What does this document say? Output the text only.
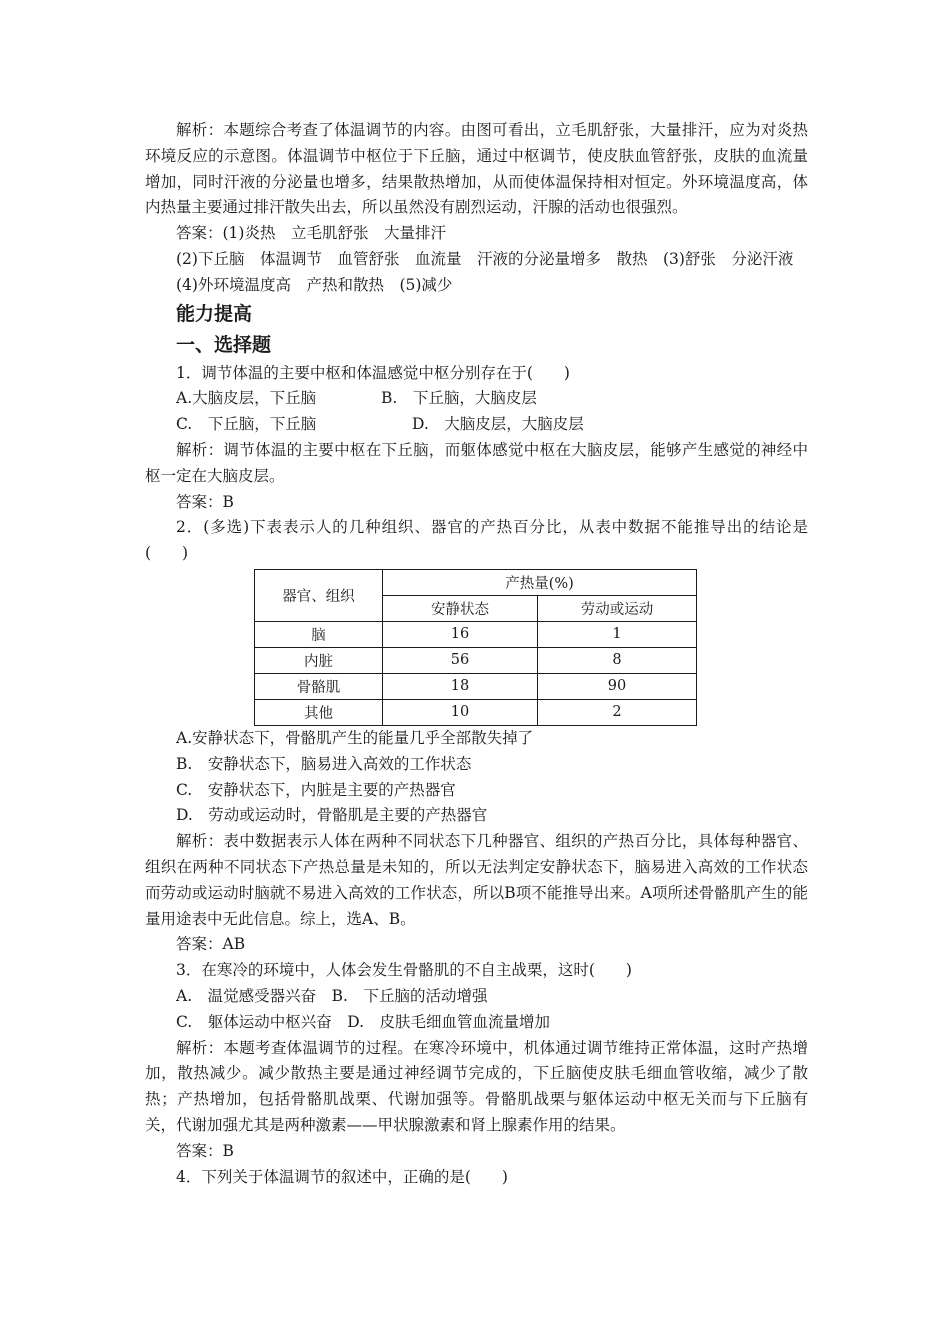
解析：本题综合考查了体温调节的内容。由图可看出，立毛肌舒张，大量排汗，应为对炎热环境反应的示意图。体温调节中枢位于下丘脑，通过中枢调节，使皮肤血管舒张，皮肤的血流量增加，同时汗液的分泌量也增多，结果散热增加，从而使体温保持相对恒定。外环境温度高，体内热量主要通过排汗散失出去，所以虽然没有剧烈运动，汗腺的活动也很强烈。

答案：(1)炎热　立毛肌舒张　大量排汗

(2)下丘脑　体温调节　血管舒张　血流量　汗液的分泌量增多　散热　(3)舒张　分泌汗液

(4)外环境温度高　产热和散热　(5)减少

能力提高
一、选择题

1．调节体温的主要中枢和体温感觉中枢分别存在于(　　)

A.大脑皮层，下丘脑	B.　下丘脑，大脑皮层
C.　下丘脑，下丘脑	D.　大脑皮层，大脑皮层

解析：调节体温的主要中枢在下丘脑，而躯体感觉中枢在大脑皮层，能够产生感觉的神经中枢一定在大脑皮层。

答案：B

2．(多选)下表表示人的几种组织、器官的产热百分比，从表中数据不能推导出的结论是(　　)

器官、组织	产热量(%)	
	安静状态	劳动或运动
脑	16	1
内脏	56	8
骨骼肌	18	90
其他	10	2

A.安静状态下，骨骼肌产生的能量几乎全部散失掉了

B.　安静状态下，脑易进入高效的工作状态

C.　安静状态下，内脏是主要的产热器官

D.　劳动或运动时，骨骼肌是主要的产热器官

解析：表中数据表示人体在两种不同状态下几种器官、组织的产热百分比，具体每种器官、组织在两种不同状态下产热总量是未知的，所以无法判定安静状态下，脑易进入高效的工作状态而劳动或运动时脑就不易进入高效的工作状态，所以B项不能推导出来。A项所述骨骼肌产生的能量用途表中无此信息。综上，选A、B。

答案：AB

3．在寒冷的环境中，人体会发生骨骼肌的不自主战栗，这时(　　)

A.　温觉感受器兴奋　B.　下丘脑的活动增强

C.　躯体运动中枢兴奋　D.　皮肤毛细血管血流量增加

解析：本题考查体温调节的过程。在寒冷环境中，机体通过调节维持正常体温，这时产热增加，散热减少。减少散热主要是通过神经调节完成的，下丘脑使皮肤毛细血管收缩，减少了散热；产热增加，包括骨骼肌战栗、代谢加强等。骨骼肌战栗与躯体运动中枢无关而与下丘脑有关，代谢加强尤其是两种激素——甲状腺激素和肾上腺素作用的结果。

答案：B

4．下列关于体温调节的叙述中，正确的是(　　)
